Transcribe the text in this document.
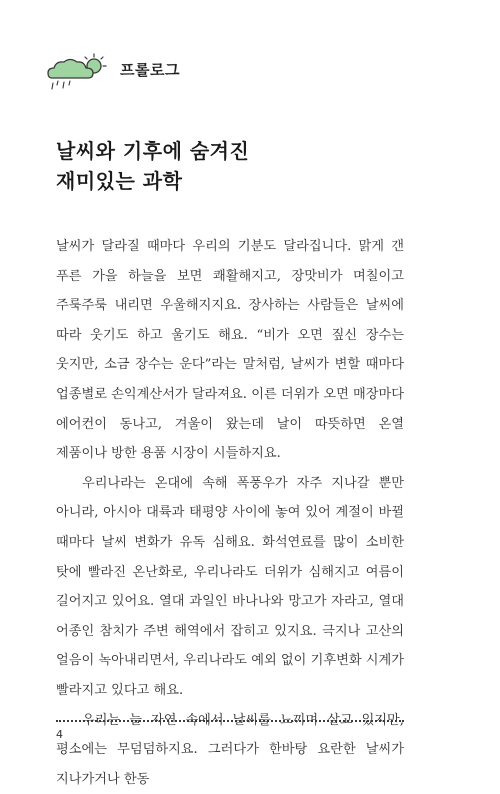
프롤로그
날씨와 기후에 숨겨진
재미있는 과학

날씨가 달라질 때마다 우리의 기분도 달라집니다. 맑게 갠 푸른 가을 하늘을 보면 쾌활해지고, 장맛비가 며칠이고 주룩주룩 내리면 우울해지지요. 장사하는 사람들은 날씨에 따라 웃기도 하고 울기도 해요. “비가 오면 짚신 장수는 웃지만, 소금 장수는 운다”라는 말처럼, 날씨가 변할 때마다 업종별로 손익계산서가 달라져요. 이른 더위가 오면 매장마다 에어컨이 동나고, 겨울이 왔는데 날이 따뜻하면 온열 제품이나 방한 용품 시장이 시들하지요.

우리나라는 온대에 속해 폭풍우가 자주 지나갈 뿐만 아니라, 아시아 대륙과 태평양 사이에 놓여 있어 계절이 바뀔 때마다 날씨 변화가 유독 심해요. 화석연료를 많이 소비한 탓에 빨라진 온난화로, 우리나라도 더위가 심해지고 여름이 길어지고 있어요. 열대 과일인 바나나와 망고가 자라고, 열대 어종인 참치가 주변 해역에서 잡히고 있지요. 극지나 고산의 얼음이 녹아내리면서, 우리나라도 예외 없이 기후변화 시계가 빨라지고 있다고 해요.

우리는 늘 자연 속에서 날씨를 느끼며 살고 있지만, 평소에는 무덤덤하지요. 그러다가 한바탕 요란한 날씨가 지나가거나 한동

4
